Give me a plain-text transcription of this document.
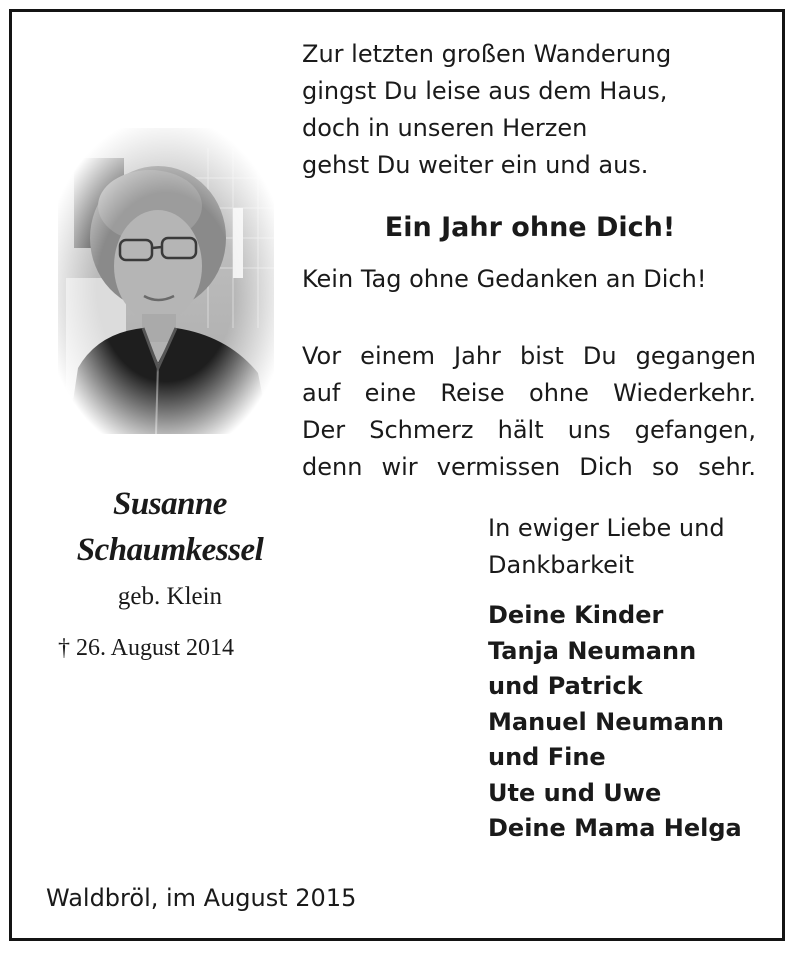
Zur letzten großen Wanderung
gingst Du leise aus dem Haus,
doch in unseren Herzen
gehst Du weiter ein und aus.
Ein Jahr ohne Dich!
Kein Tag ohne Gedanken an Dich!
Vor einem Jahr bist Du gegangen
auf eine Reise ohne Wiederkehr.
Der Schmerz hält uns gefangen,
denn wir vermissen Dich so sehr.
Susanne
Schaumkessel
geb. Klein
† 26. August 2014
In ewiger Liebe und
Dankbarkeit
Deine Kinder
Tanja Neumann
und Patrick
Manuel Neumann
und Fine
Ute und Uwe
Deine Mama Helga
Waldbröl, im August 2015
